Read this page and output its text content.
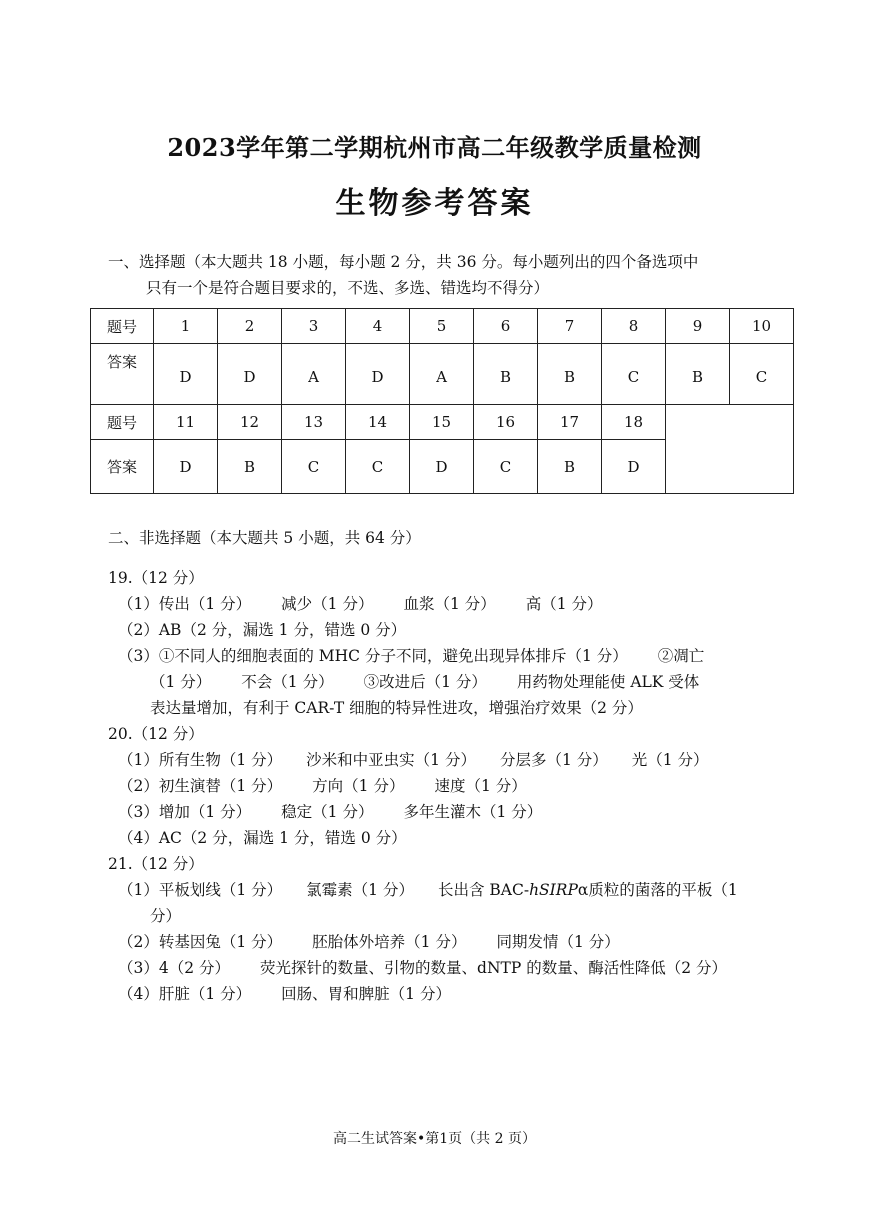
2023学年第二学期杭州市高二年级教学质量检测
生物参考答案
一、选择题（本大题共 18 小题，每小题 2 分，共 36 分。每小题列出的四个备选项中
只有一个是符合题目要求的，不选、多选、错选均不得分）
题号	1	2	3	4	5	6	7	8	9	10
答案	D	D	A	D	A	B	B	C	B	C
题号	11	12	13	14	15	16	17	18		
答案	D	B	C	C	D	C	B	D		
二、非选择题（本大题共 5 小题，共 64 分）
19.（12 分）
（1）传出（1 分） 减少（1 分） 血浆（1 分） 高（1 分）
（2）AB（2 分，漏选 1 分，错选 0 分）
（3）①不同人的细胞表面的 MHC 分子不同，避免出现异体排斥（1 分） ②凋亡
（1 分） 不会（1 分） ③改进后（1 分） 用药物处理能使 ALK 受体
表达量增加，有利于 CAR-T 细胞的特异性进攻，增强治疗效果（2 分）
20.（12 分）
（1）所有生物（1 分） 沙米和中亚虫实（1 分） 分层多（1 分） 光（1 分）
（2）初生演替（1 分） 方向（1 分） 速度（1 分）
（3）增加（1 分） 稳定（1 分） 多年生灌木（1 分）
（4）AC（2 分，漏选 1 分，错选 0 分）
21.（12 分）
（1）平板划线（1 分） 氯霉素（1 分） 长出含 BAC-hSIRPα质粒的菌落的平板（1
分）
（2）转基因兔（1 分） 胚胎体外培养（1 分） 同期发情（1 分）
（3）4（2 分） 荧光探针的数量、引物的数量、dNTP 的数量、酶活性降低（2 分）
（4）肝脏（1 分） 回肠、胃和脾脏（1 分）
高二生试答案•第1页（共 2 页）
